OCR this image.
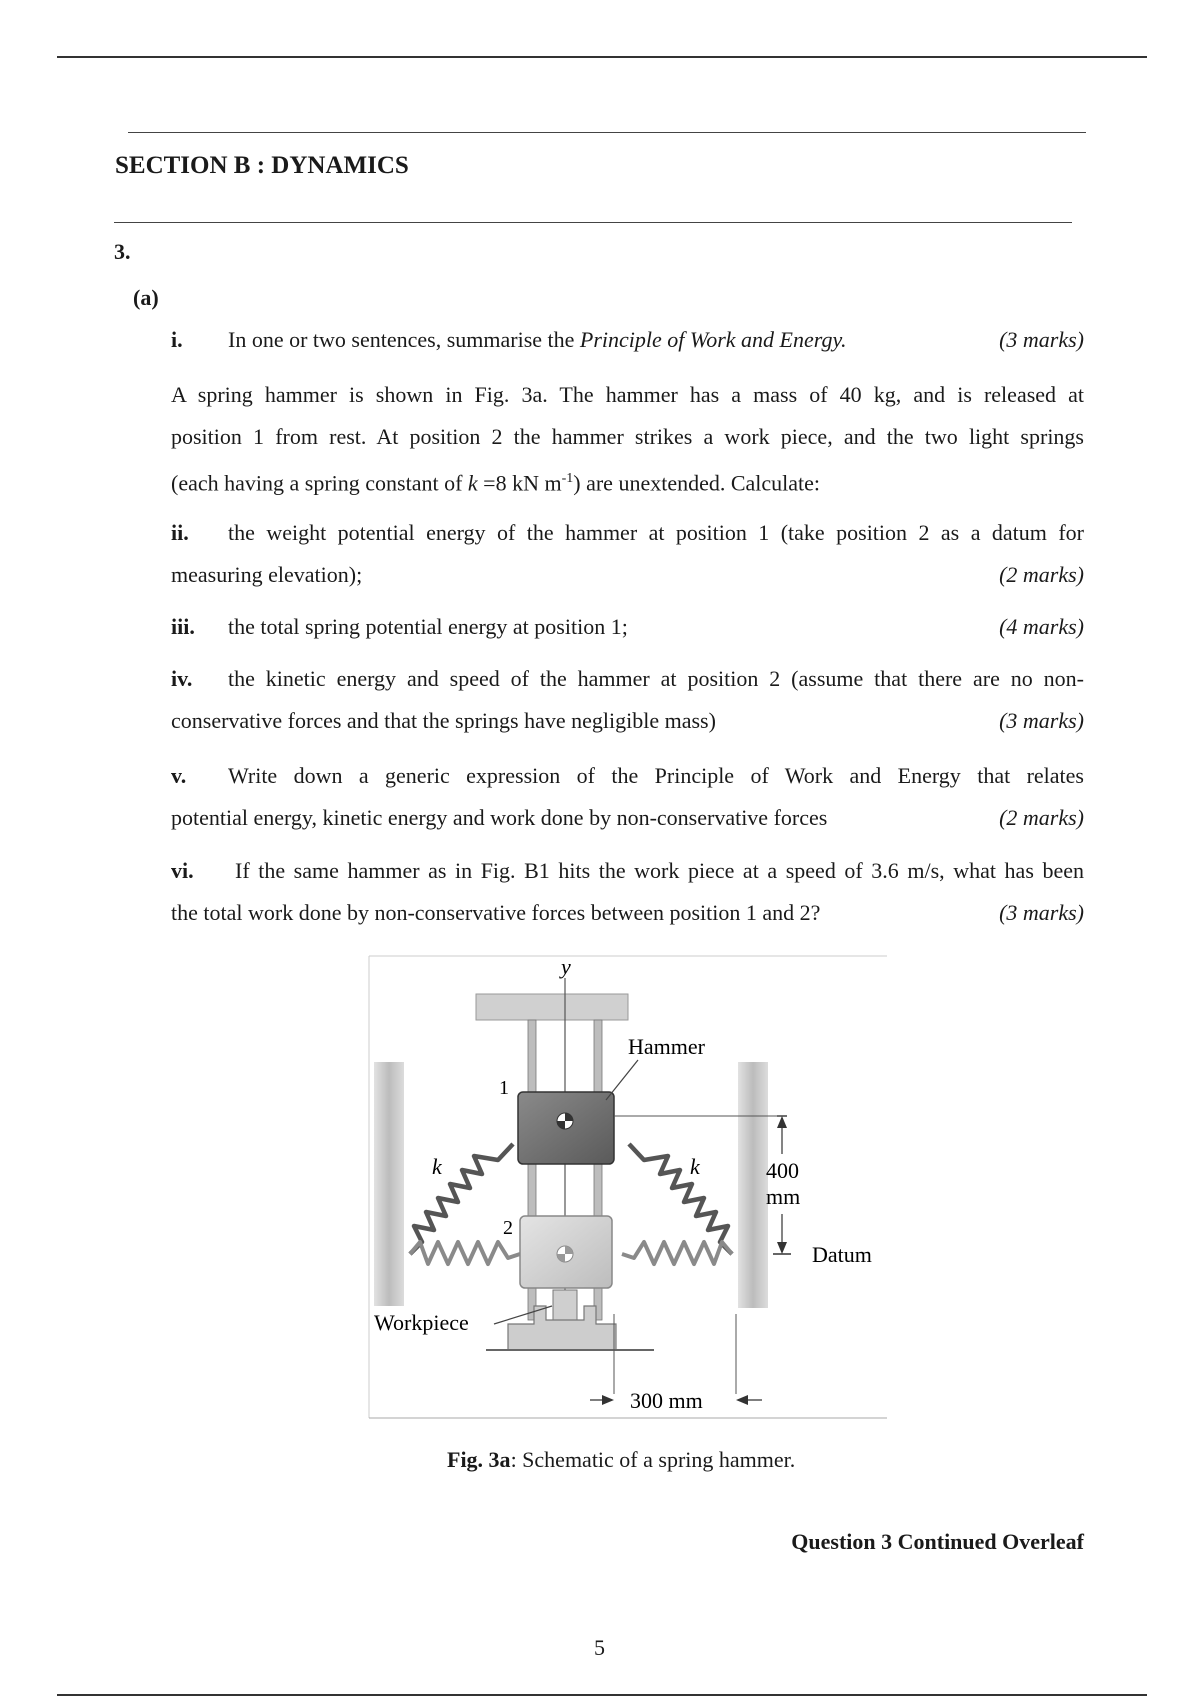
SECTION B : DYNAMICS
3.
(a)
i. In one or two sentences, summarise the Principle of Work and Energy.	(3 marks)
A spring hammer is shown in Fig. 3a. The hammer has a mass of 40 kg, and is released at
position 1 from rest. At position 2 the hammer strikes a work piece, and the two light springs
(each having a spring constant of k =8 kN $m^{-1}$) are unextended. Calculate:
ii. the weight potential energy of the hammer at position 1 (take position 2 as a datum for
measuring elevation);	(2 marks)
iii. the total spring potential energy at position 1;	(4 marks)
iv. the kinetic energy and speed of the hammer at position 2 (assume that there are no non-
conservative forces and that the springs have negligible mass)	(3 marks)
v. Write down a generic expression of the Principle of Work and Energy that relates
potential energy, kinetic energy and work done by non-conservative forces	(2 marks)
vi. If the same hammer as in Fig. B1 hits the work piece at a speed of 3.6 m/s, what has been
the total work done by non-conservative forces between position 1 and 2?	(3 marks)
y
Hammer
1
2
k	k	400
mm
Datum
Workpiece
300 mm
Fig. 3a: Schematic of a spring hammer.
Question 3 Continued Overleaf
5
